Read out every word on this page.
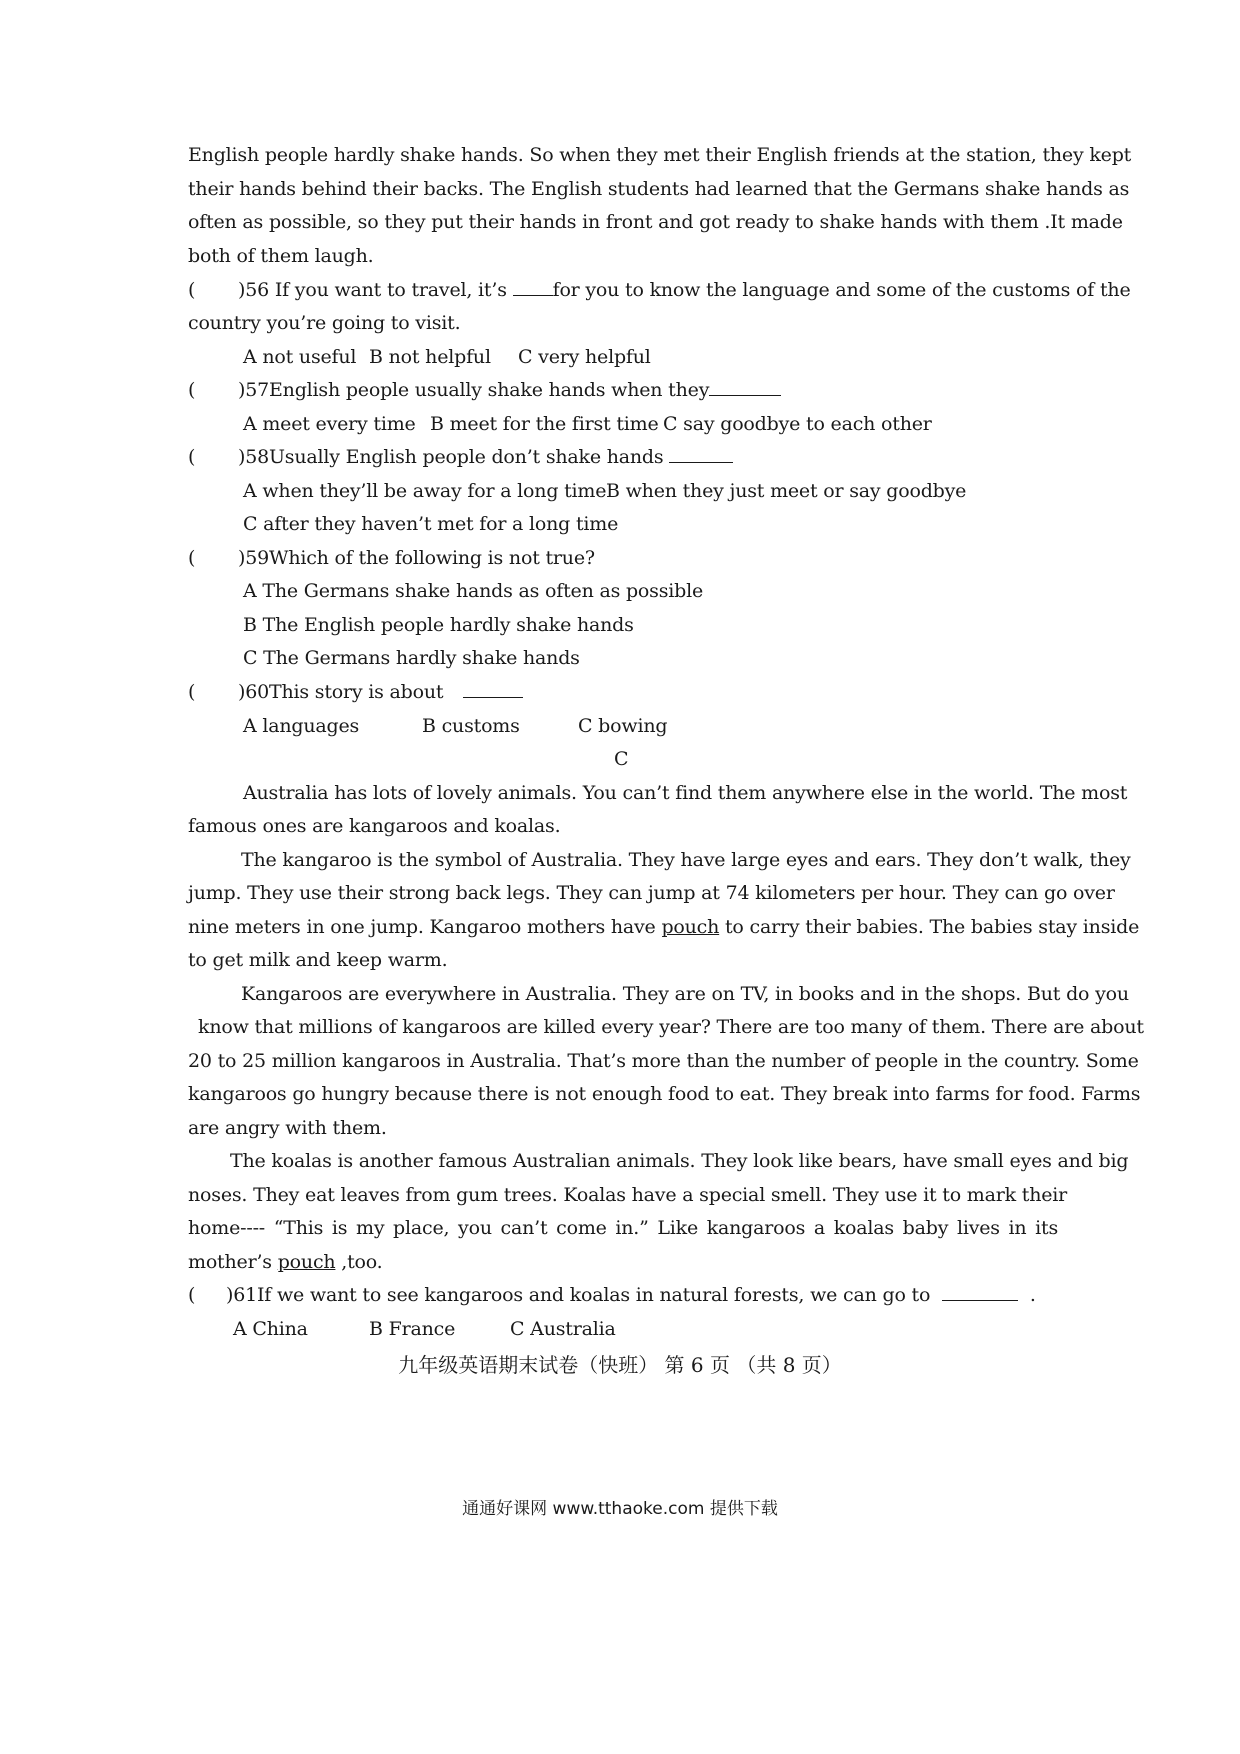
English people hardly shake hands. So when they met their English friends at the station, they kept
their hands behind their backs. The English students had learned that the Germans shake hands as
often as possible, so they put their hands in front and got ready to shake hands with them .It made
both of them laugh.
( )56 If you want to travel, it’s for you to know the language and some of the customs of the
country you’re going to visit.
A not useful B not helpful C very helpful
( )57English people usually shake hands when they
A meet every time B meet for the first time C say goodbye to each other
( )58Usually English people don’t shake hands
A when they’ll be away for a long time B when they just meet or say goodbye
C after they haven’t met for a long time
( )59Which of the following is not true?
A The Germans shake hands as often as possible
B The English people hardly shake hands
C The Germans hardly shake hands
( )60This story is about
A languages	B customs	C bowing
C
Australia has lots of lovely animals. You can’t find them anywhere else in the world. The most
famous ones are kangaroos and koalas.
The kangaroo is the symbol of Australia. They have large eyes and ears. They don’t walk, they
jump. They use their strong back legs. They can jump at 74 kilometers per hour. They can go over
nine meters in one jump. Kangaroo mothers have pouch to carry their babies. The babies stay inside
to get milk and keep warm.
Kangaroos are everywhere in Australia. They are on TV, in books and in the shops. But do you
know that millions of kangaroos are killed every year? There are too many of them. There are about
20 to 25 million kangaroos in Australia. That’s more than the number of people in the country. Some
kangaroos go hungry because there is not enough food to eat. They break into farms for food. Farms
are angry with them.
The koalas is another famous Australian animals. They look like bears, have small eyes and big
noses. They eat leaves from gum trees. Koalas have a special smell. They use it to mark their
home---- “This is my place, you can’t come in.” Like kangaroos a koalas baby lives in its
mother’s pouch ,too.
( )61If we want to see kangaroos and koalas in natural forests, we can go to	.
A China	B France	C Australia
九年级英语期末试卷（快班） 第 6 页 （共 8 页）
通通好课网 www.tthaoke.com 提供下载
